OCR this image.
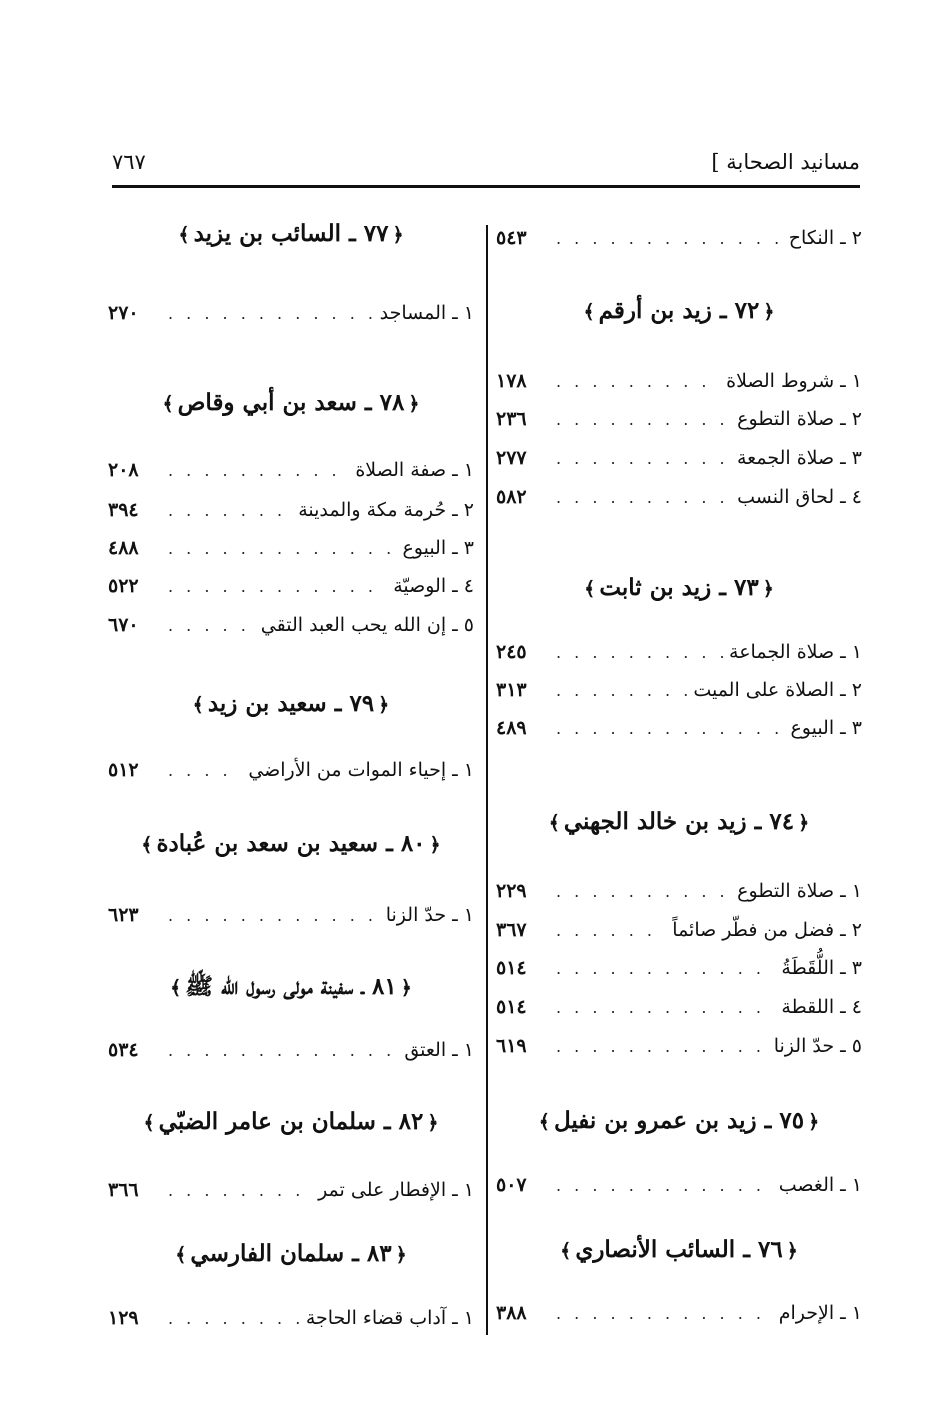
مسانيد الصحابة ]
٧٦٧
٢ ـ النكاح
. . .
٥٤٣
﴿٧٢ ـ زيد بن أرقم﴾
١ ـ شروط الصلاة
. . .
١٧٨
٢ ـ صلاة التطوع
. . .
٢٣٦
٣ ـ صلاة الجمعة
. . .
٢٧٧
٤ ـ لحاق النسب
. . .
٥٨٢
﴿٧٣ ـ زيد بن ثابت﴾
١ ـ صلاة الجماعة
. . .
٢٤٥
٢ ـ الصلاة على الميت
. . .
٣١٣
٣ ـ البيوع
. . .
٤٨٩
﴿٧٤ ـ زيد بن خالد الجهني﴾
١ ـ صلاة التطوع
. . .
٢٢٩
٢ ـ فضل من فطّر صائماً
. . .
٣٦٧
٣ ـ اللُّقَطَةُ
. . .
٥١٤
٤ ـ اللقطة
. . .
٥١٤
٥ ـ حدّ الزنا
. . .
٦١٩
﴿٧٥ ـ زيد بن عمرو بن نفيل﴾
١ ـ الغصب
. . .
٥٠٧
﴿٧٦ ـ السائب الأنصاري﴾
١ ـ الإحرام
. . .
٣٨٨
﴿٧٧ ـ السائب بن يزيد﴾
١ ـ المساجد
. . .
٢٧٠
﴿٧٨ ـ سعد بن أبي وقاص﴾
١ ـ صفة الصلاة
. . .
٢٠٨
٢ ـ حُرمة مكة والمدينة
. . .
٣٩٤
٣ ـ البيوع
. . .
٤٨٨
٤ ـ الوصيّة
. . .
٥٢٢
٥ ـ إن الله يحب العبد التقي
. . .
٦٧٠
﴿٧٩ ـ سعيد بن زيد﴾
١ ـ إحياء الموات من الأراضي
. . .
٥١٢
﴿٨٠ ـ سعيد بن سعد بن عُبادة﴾
١ ـ حدّ الزنا
. . .
٦٢٣
﴿٨١ ـ سفينة مولى رسول الله ﷺ﴾
١ ـ العتق
. . .
٥٣٤
﴿٨٢ ـ سلمان بن عامر الضبّي﴾
١ ـ الإفطار على تمر
. . .
٣٦٦
﴿٨٣ ـ سلمان الفارسي﴾
١ ـ آداب قضاء الحاجة
. . .
١٢٩
